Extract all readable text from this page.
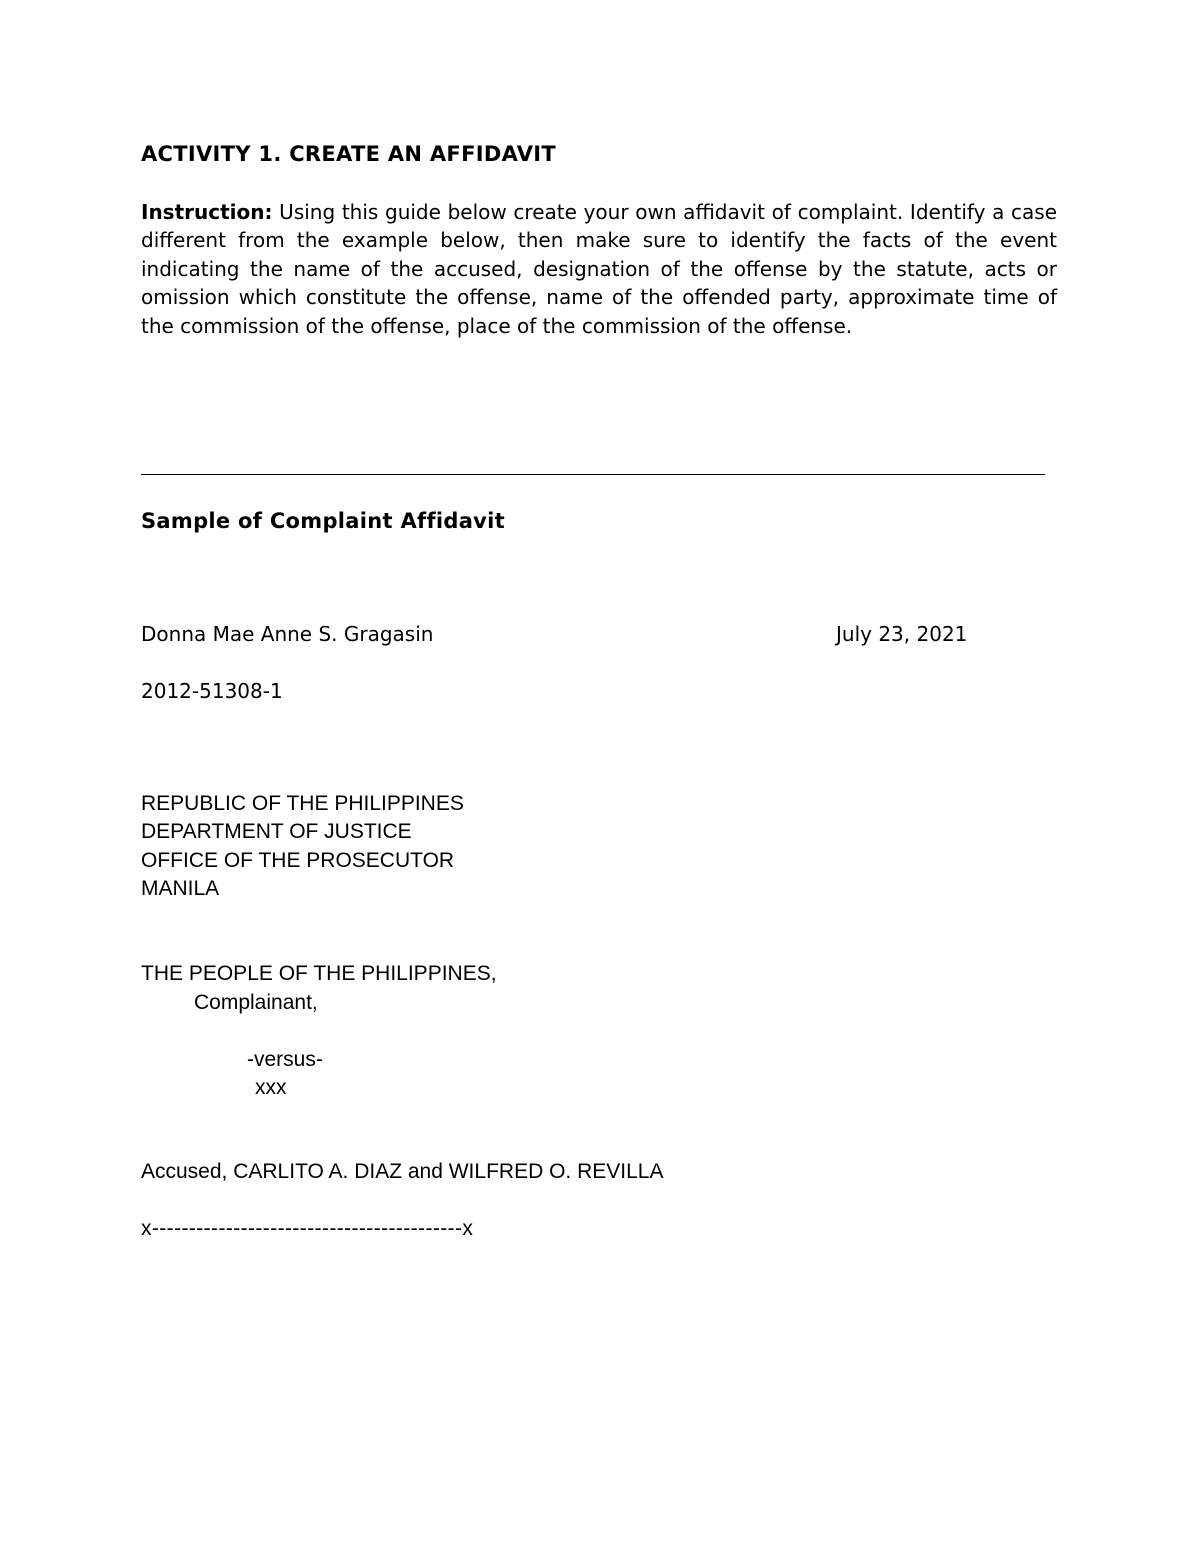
ACTIVITY 1. CREATE AN AFFIDAVIT
Instruction: Using this guide below create your own affidavit of complaint. Identify a case different from the example below, then make sure to identify the facts of the event indicating the name of the accused, designation of the offense by the statute, acts or omission which constitute the offense, name of the offended party, approximate time of the commission of the offense, place of the commission of the offense.
Sample of Complaint Affidavit
Donna Mae Anne S. Gragasin	July 23, 2021
2012-51308-1
REPUBLIC OF THE PHILIPPINES
DEPARTMENT OF JUSTICE
OFFICE OF THE PROSECUTOR
MANILA
THE PEOPLE OF THE PHILIPPINES,
Complainant,
-versus-
xxx
Accused, CARLITO A. DIAZ and WILFRED O. REVILLA
x------------------------------------------x
